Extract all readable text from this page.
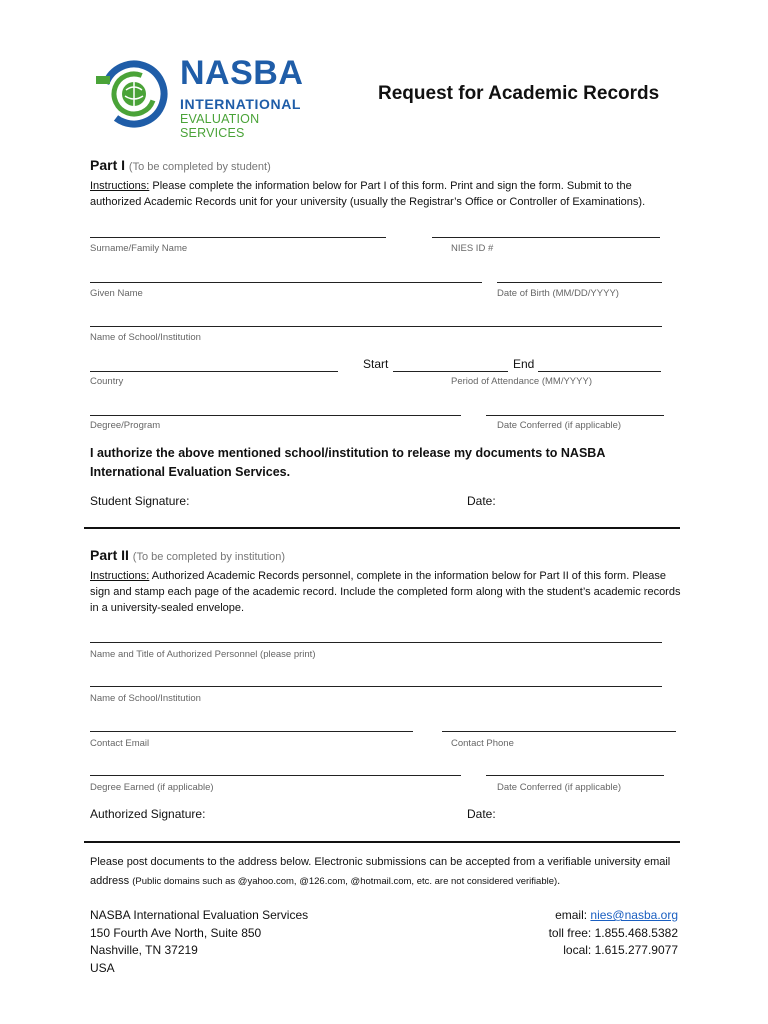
NASBA
INTERNATIONAL
EVALUATION SERVICES
Request for Academic Records
Part I (To be completed by student)
Instructions: Please complete the information below for Part I of this form. Print and sign the form. Submit to the authorized Academic Records unit for your university (usually the Registrar’s Office or Controller of Examinations).
Surname/Family Name	NIES ID #
Given Name	Date of Birth (MM/DD/YYYY)
Name of School/Institution
Start	End
Country	Period of Attendance (MM/YYYY)
Degree/Program	Date Conferred (if applicable)
I authorize the above mentioned school/institution to release my documents to NASBA International Evaluation Services.
Student Signature:	Date:
Part II (To be completed by institution)
Instructions: Authorized Academic Records personnel, complete in the information below for Part II of this form. Please sign and stamp each page of the academic record. Include the completed form along with the student’s academic records in a university-sealed envelope.
Name and Title of Authorized Personnel (please print)
Name of School/Institution
Contact Email	Contact Phone
Degree Earned (if applicable)	Date Conferred (if applicable)
Authorized Signature:	Date:
Please post documents to the address below. Electronic submissions can be accepted from a verifiable university email address (Public domains such as @yahoo.com, @126.com, @hotmail.com, etc. are not considered verifiable).
NASBA International Evaluation Services
150 Fourth Ave North, Suite 850
Nashville, TN 37219
USA
email: nies@nasba.org
toll free: 1.855.468.5382
local: 1.615.277.9077
